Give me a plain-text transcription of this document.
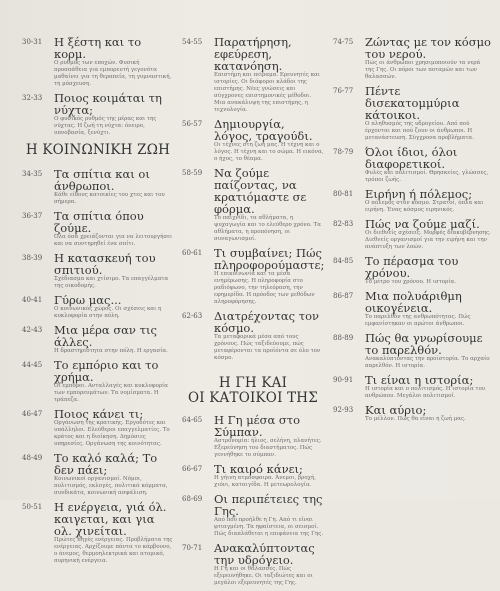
30-31	Η ξέστη και το κορμ.
Ο ρυθμός των εποχών. Φυσική προσπάθεια για εμπορευτή γεγονότα μαθαίνει για τη θεραπεία, τη γυμναστική, τη μόσχευση.
32-33	Ποιος κοιμάται τη νύχτα;
Ο φυσικός ρυθμός της μέρας και της νύχτας. Η ζωή τη νύχτα: όνειρο, υπνοβασία, ξενύχτι.
Η ΚΟΙΝΩΝΙΚΗ ΖΩΗ
34-35	Τα σπίτια και οι άνθρωποι.
Κάθε είδους κατοικίες του χτες και του σήμερα.
36-37	Τα σπίτια όπου ζούμε.
Όλα όσα χρειάζονται για να λειτουργήσει και να συντηρηθεί ένα σπίτι.
38-39	Η κατασκευή του σπιτιού.
Σχέδιασμα και χτίσιμο. Τα επαγγέλματα της οικοδομής.
40-41	Γύρω μας...
Ο κοινωνικός χώρος. Οι σχέσεις και η κυκλοφορία στην πόλη.
42-43	Μια μέρα σαν τις άλλες.
Η δραστηριότητα στην πόλη. Η εργασία.
44-45	Το εμπόριο και το χρήμα.
Οι εμπόροι. Ανταλλαγές και κυκλοφορία των εμπορευμάτων. Τα νομίσματα. Η τράπεζα.
46-47	Ποιος κάνει τι;
Οργάνωση της κρατικής. Εργοδότες και υπάλληλοι. Ελεύθεροι επαγγελματίες. Το κράτος και η διοίκηση. Δημόσιες υπηρεσίες. Οργάνωση της κοινότητας.
48-49	Το καλό καλά; Το δεν πάει;
Κοινωνικοί οργανισμοί. Νόμοι, πολιτισμός, εκλογές, πολιτικά κόμματα, συνδικάτα, κοινωνική ασφάλιση.
50-51	Η ενέργεια, γιά όλ. καιγεται, και για ολ. χινείται.
Πρώτες πηγές ενέργειας. Προβλήματα της ενέργειας. Αρχίζουμε πάντα το κάρβουνο, ο άνεμος, θερμοηλεκτρικά και ατομικό, πυρηνική ενέργεια.
54-55	Παρατήρηση, εφεύρεση, κατανόηση.
Επιστήμη και πείραμα. Ερευνητές και ιστορίες. Οι διάφοροι κλάδοι της επιστήμης. Νέες γνώσεις και σύγχρονες επιστημονικές μέθοδοι. Μια ανακάλυψη της επιστήμης, η τεχνολογία.
56-57	Δημιουργία, λόγος, τραγούδι.
Οι τέχνες στη ζωή μας. Η τέχνη και ο λόγος. Η τέχνη και το σώμα. Η εικόνα, ο ήχος, το θέαμα.
58-59	Να ζούμε παίζοντας, να κρατιόμαστε σε φόρμα.
Το παιχνίδι, τα αθλήματα, η ψυχαγωγία και το ελεύθερο χρόνο. Τα αθλήματα, η προπόνηση, οι συναγωνισμοί.
60-61	Τι συμβαίνει; Πώς πληροφορούμαστε;
Η επικοινωνία και τα μέσα ενημέρωσης. Η πληροφορία στο ραδιόφωνο, την τηλεόραση, την εφημερίδα. Η πρόοδος των μεθόδων πληροφόρησης.
62-63	Διατρέχοντας τον κόσμο.
Τα μεταφορικά μέσα από τους χρόνους. Πώς ταξιδεύουμε, πώς μεταφέρονται τα προϊόντα σε όλο τον κόσμο.
Η ΓΗ ΚΑΙ
ΟΙ ΚΑΤΟΙΚΟΙ ΤΗΣ
64-65	Η Γη μέσα στο Σύμπαν.
Αστρονομία: ήλιος, σελήνη, πλανήτες. Εξερεύνηση του διαστήματος. Πώς γεννήθηκε το σύμπαν.
66-67	Τι καιρό κάνει;
Η γήινη ατμόσφαιρα. Άνεμοι, βροχή, χιόνι, καταιγίδα. Η μετεωρολογία.
68-69	Οι περιπέτειες της Γης.
Από πού προήλθε η Γη. Από τι είναι φτιαγμένη. Τα ηφαίστεια, οι σεισμοί. Πώς διαπλάθεται η επιφάνεια της Γης.
70-71	Ανακαλύπτοντας την υδρόγειο.
Η Γη και οι θάλασσες. Πώς εξερευνήθηκε. Οι ταξιδιώτες και οι μεγάλοι εξερευνητές της Γης.
74-75	Ζώντας με τον κόσμο του νερού.
Πώς οι άνθρωποι χρησιμοποιούν τα νερά της Γης. Οι πόροι των ποταμών και των θαλασσών.
76-77	Πέντε δισεκατομμύρια κάτοικοι.
Ο πληθυσμός της υδρογείου. Από πού έρχονται και πού ζουν οι άνθρωποι. Η μετανάστευση. Σύγχρονα προβλήματα.
78-79	Όλοι ίδιοι, όλοι διαφορετικοί.
Φυλές και πολιτισμοί. Θρησκείες, γλώσσες, τρόποι ζωής.
80-81	Ειρήνη ή πόλεμος;
Ο πόλεμος στον κόσμο. Στρατοί, όπλα και ειρήνη. Ένας κόσμος ειρηνικός.
82-83	Πώς να ζούμε μαζί.
Οι διεθνείς σχέσεις. Μορφές διακυβέρνησης. Διεθνείς οργανισμοί για την ειρήνη και την ανάπτυξη των λαών.
84-85	Το πέρασμα του χρόνου.
Το μέτρο του χρόνου. Η ιστορία.
86-87	Μια πολυάριθμη οικογένεια.
Το παρελθόν της ανθρωπότητας. Πώς εμφανίστηκαν οι πρώτοι άνθρωποι.
88-89	Πώς θα γνωρίσουμε το παρελθόν.
Ανακαλύπτοντας την προϊστορία. Το αρχαίο παρελθόν. Η ιστορία.
90-91	Τι είναι η ιστορία;
Η ιστορία και ο πολιτισμός. Η ιστορία του ανθρώπου. Μεγάλοι πολιτισμοί.
92-93	Και αύριο;
Το μέλλον. Πώς θα είναι η ζωή μας.
